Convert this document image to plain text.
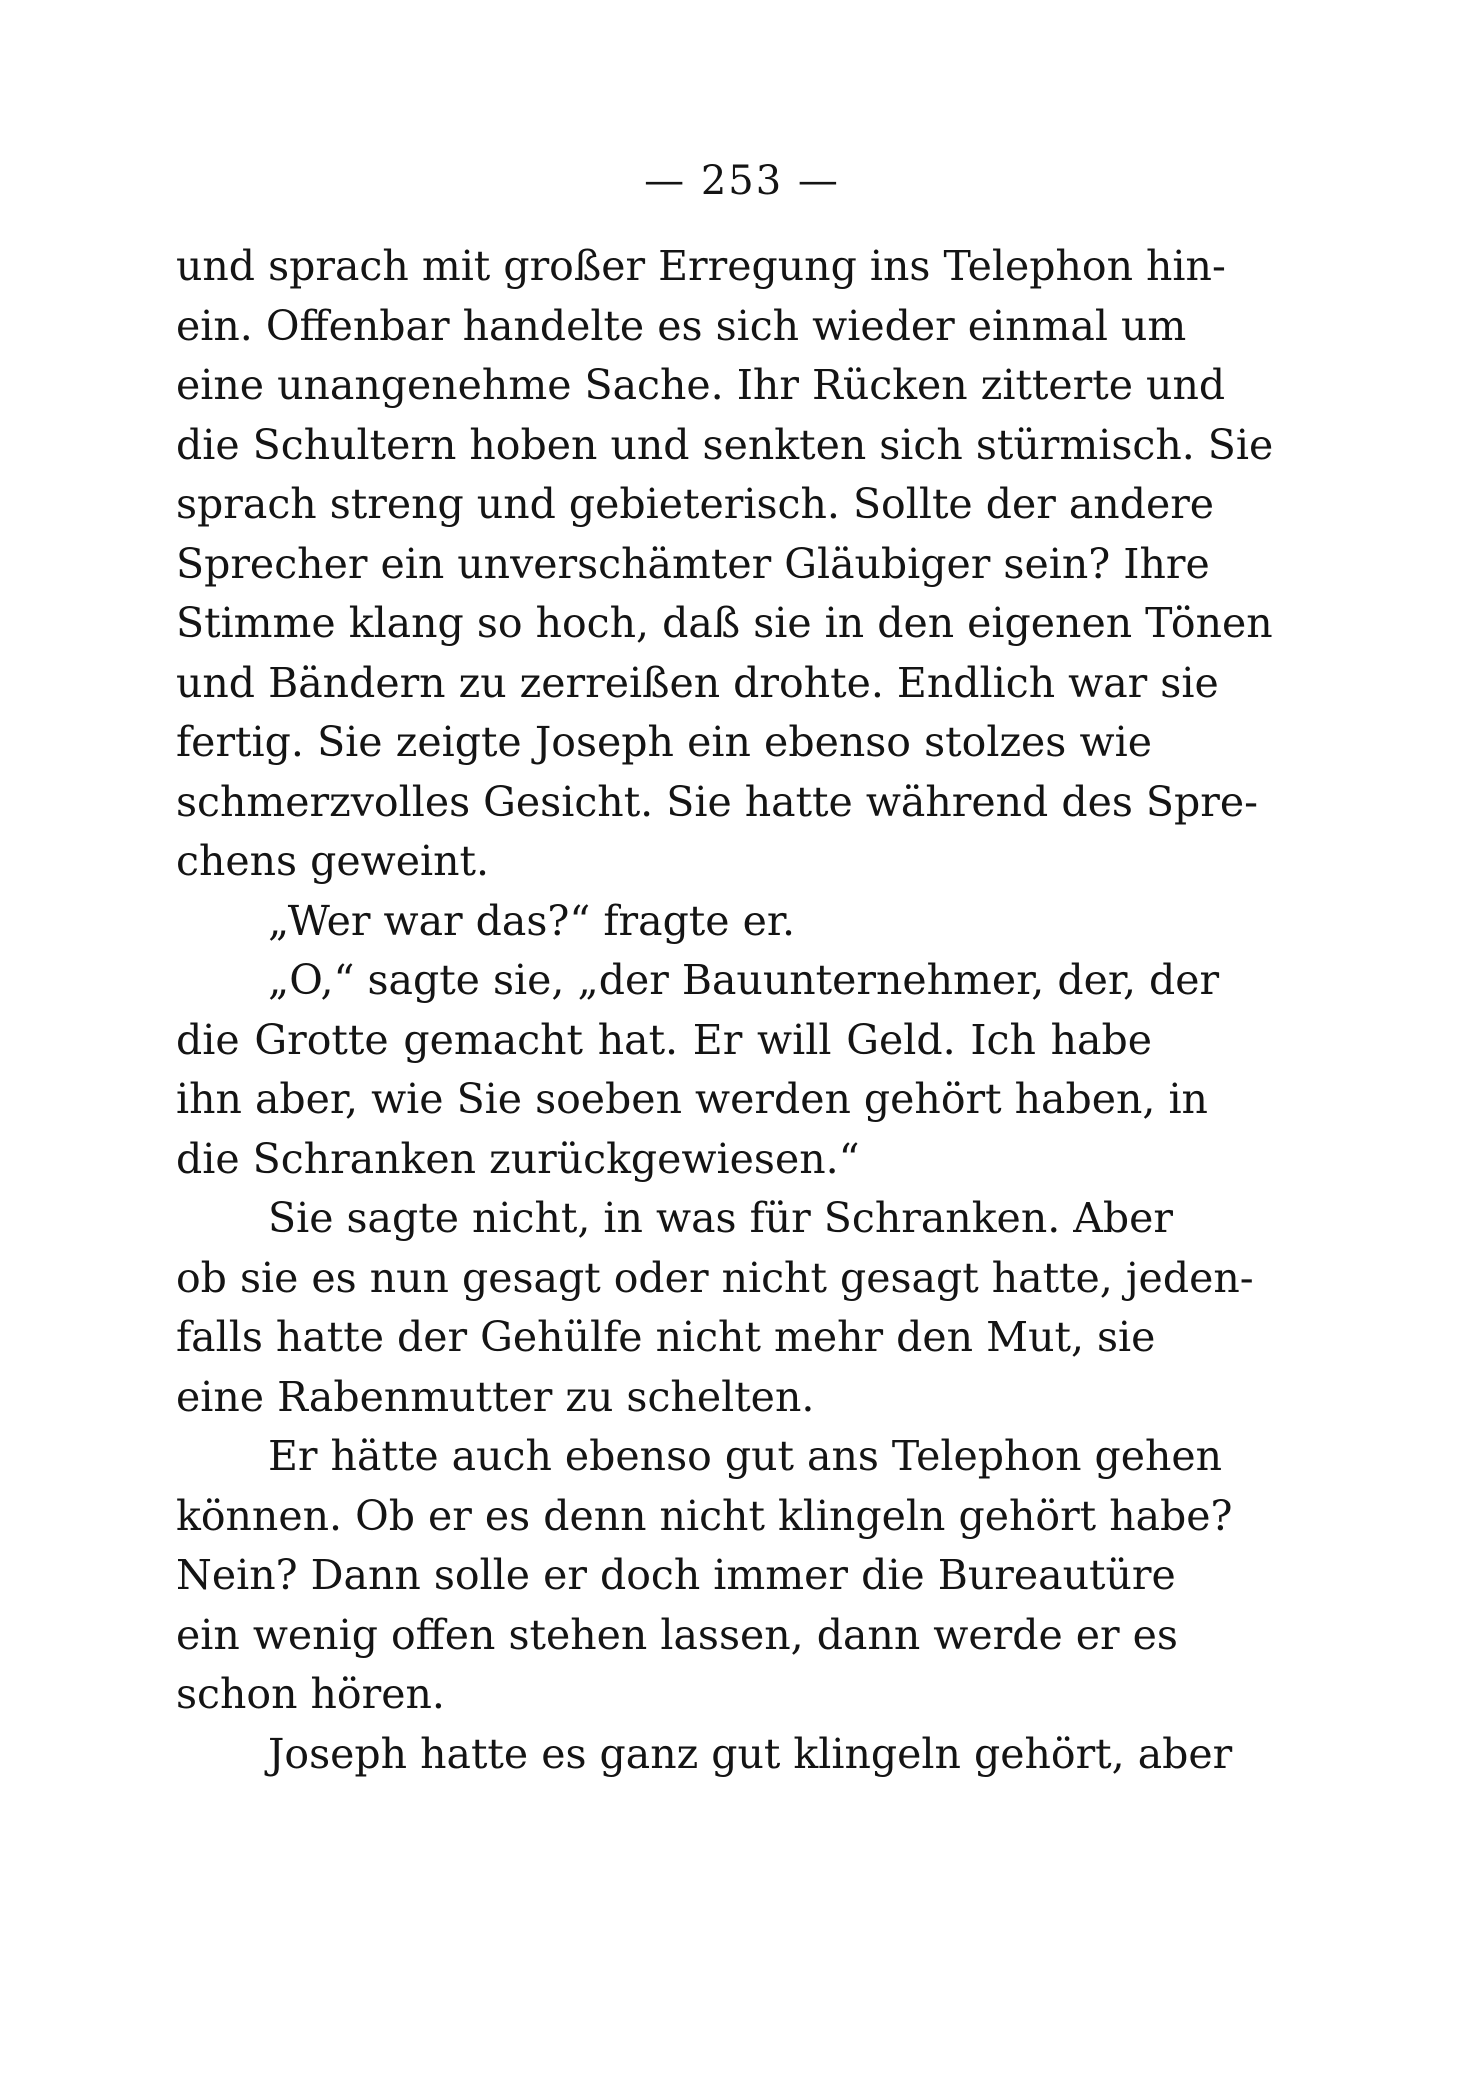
— 253 —
und sprach mit großer Erregung ins Telephon hin-
ein. Offenbar handelte es sich wieder einmal um
eine unangenehme Sache. Ihr Rücken zitterte und
die Schultern hoben und senkten sich stürmisch. Sie
sprach streng und gebieterisch. Sollte der andere
Sprecher ein unverschämter Gläubiger sein? Ihre
Stimme klang so hoch, daß sie in den eigenen Tönen
und Bändern zu zerreißen drohte. Endlich war sie
fertig. Sie zeigte Joseph ein ebenso stolzes wie
schmerzvolles Gesicht. Sie hatte während des Spre-
chens geweint.
„Wer war das?“ fragte er.
„O,“ sagte sie, „der Bauunternehmer, der, der
die Grotte gemacht hat. Er will Geld. Ich habe
ihn aber, wie Sie soeben werden gehört haben, in
die Schranken zurückgewiesen.“
Sie sagte nicht, in was für Schranken. Aber
ob sie es nun gesagt oder nicht gesagt hatte, jeden-
falls hatte der Gehülfe nicht mehr den Mut, sie
eine Rabenmutter zu schelten.
Er hätte auch ebenso gut ans Telephon gehen
können. Ob er es denn nicht klingeln gehört habe?
Nein? Dann solle er doch immer die Bureautüre
ein wenig offen stehen lassen, dann werde er es
schon hören.
Joseph hatte es ganz gut klingeln gehört, aber
